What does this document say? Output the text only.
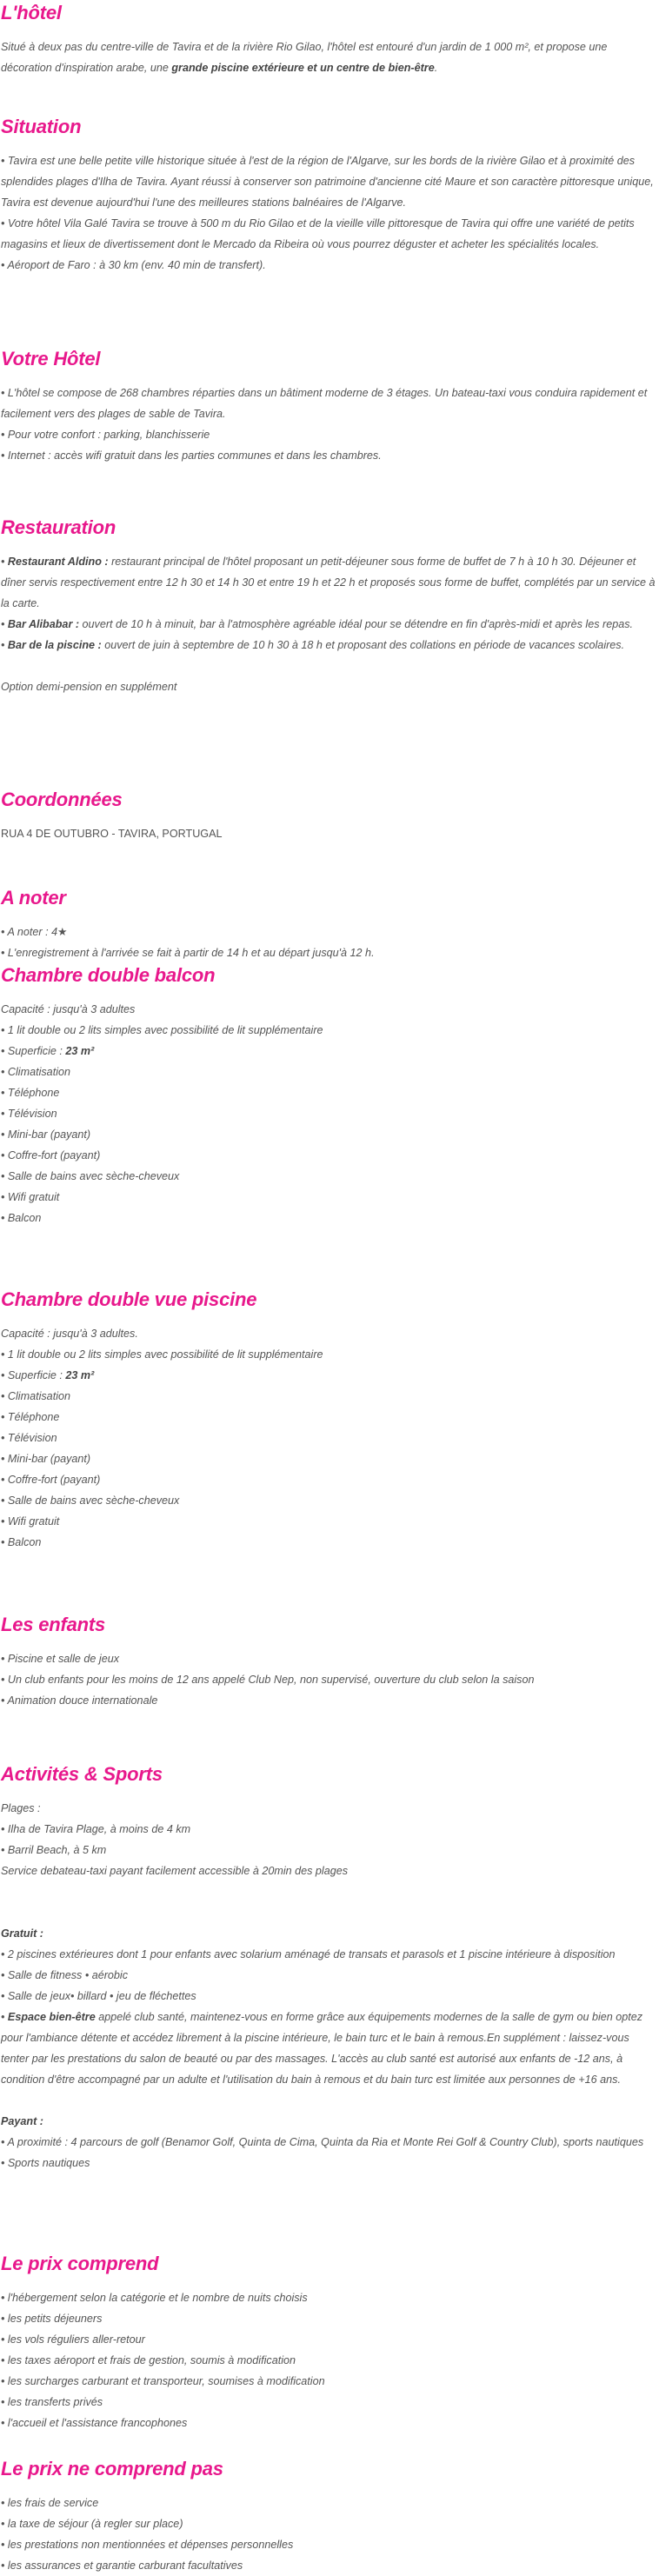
L'hôtel

Situé à deux pas du centre-ville de Tavira et de la rivière Rio Gilao, l'hôtel est entouré d'un jardin de 1 000 m², et propose une décoration d'inspiration arabe, une grande piscine extérieure et un centre de bien-être.

Situation

• Tavira est une belle petite ville historique située à l'est de la région de l'Algarve, sur les bords de la rivière Gilao et à proximité des splendides plages d'Ilha de Tavira. Ayant réussi à conserver son patrimoine d'ancienne cité Maure et son caractère pittoresque unique, Tavira est devenue aujourd'hui l'une des meilleures stations balnéaires de l'Algarve.

• Votre hôtel Vila Galé Tavira se trouve à 500 m du Rio Gilao et de la vieille ville pittoresque de Tavira qui offre une variété de petits magasins et lieux de divertissement dont le Mercado da Ribeira où vous pourrez déguster et acheter les spécialités locales.

• Aéroport de Faro : à 30 km (env. 40 min de transfert).

Votre Hôtel

• L'hôtel se compose de 268 chambres réparties dans un bâtiment moderne de 3 étages. Un bateau-taxi vous conduira rapidement et facilement vers des plages de sable de Tavira.

• Pour votre confort : parking, blanchisserie

• Internet : accès wifi gratuit dans les parties communes et dans les chambres.

Restauration

• Restaurant Aldino : restaurant principal de l'hôtel proposant un petit-déjeuner sous forme de buffet de 7 h à 10 h 30. Déjeuner et dîner servis respectivement entre 12 h 30 et 14 h 30 et entre 19 h et 22 h et proposés sous forme de buffet, complétés par un service à la carte.

• Bar Alibabar : ouvert de 10 h à minuit, bar à l'atmosphère agréable idéal pour se détendre en fin d'après-midi et après les repas.

• Bar de la piscine : ouvert de juin à septembre de 10 h 30 à 18 h et proposant des collations en période de vacances scolaires.

Option demi-pension en supplément

Coordonnées

RUA 4 DE OUTUBRO - TAVIRA, PORTUGAL

A noter

• A noter : 4★

• L'enregistrement à l'arrivée se fait à partir de 14 h et au départ jusqu'à 12 h.

Chambre double balcon

Capacité : jusqu'à 3 adultes

• 1 lit double ou 2 lits simples avec possibilité de lit supplémentaire

• Superficie : 23 m²

• Climatisation

• Téléphone

• Télévision

• Mini-bar (payant)

• Coffre-fort (payant)

• Salle de bains avec sèche-cheveux

• Wifi gratuit

• Balcon

Chambre double vue piscine

Capacité : jusqu'à 3 adultes.

• 1 lit double ou 2 lits simples avec possibilité de lit supplémentaire

• Superficie : 23 m²

• Climatisation

• Téléphone

• Télévision

• Mini-bar (payant)

• Coffre-fort (payant)

• Salle de bains avec sèche-cheveux

• Wifi gratuit

• Balcon

Les enfants

• Piscine et salle de jeux

• Un club enfants pour les moins de 12 ans appelé Club Nep, non supervisé, ouverture du club selon la saison

• Animation douce internationale

Activités & Sports

Plages :

• Ilha de Tavira Plage, à moins de 4 km

• Barril Beach, à 5 km

Service debateau-taxi payant facilement accessible à 20min des plages

Gratuit :

• 2 piscines extérieures dont 1 pour enfants avec solarium aménagé de transats et parasols et 1 piscine intérieure à disposition

• Salle de fitness • aérobic

• Salle de jeux• billard • jeu de fléchettes

• Espace bien-être appelé club santé, maintenez-vous en forme grâce aux équipements modernes de la salle de gym ou bien optez pour l'ambiance détente et accédez librement à la piscine intérieure, le bain turc et le bain à remous.En supplément : laissez-vous tenter par les prestations du salon de beauté ou par des massages. L'accès au club santé est autorisé aux enfants de -12 ans, à condition d'être accompagné par un adulte et l'utilisation du bain à remous et du bain turc est limitée aux personnes de +16 ans.

Payant :

• A proximité : 4 parcours de golf (Benamor Golf, Quinta de Cima, Quinta da Ria et Monte Rei Golf & Country Club), sports nautiques

• Sports nautiques

Le prix comprend

• l'hébergement selon la catégorie et le nombre de nuits choisis

• les petits déjeuners

• les vols réguliers aller-retour

• les taxes aéroport et frais de gestion, soumis à modification

• les surcharges carburant et transporteur, soumises à modification

• les transferts privés

• l'accueil et l'assistance francophones

Le prix ne comprend pas

• les frais de service

• la taxe de séjour (à regler sur place)

• les prestations non mentionnées et dépenses personnelles

• les assurances et garantie carburant facultatives
